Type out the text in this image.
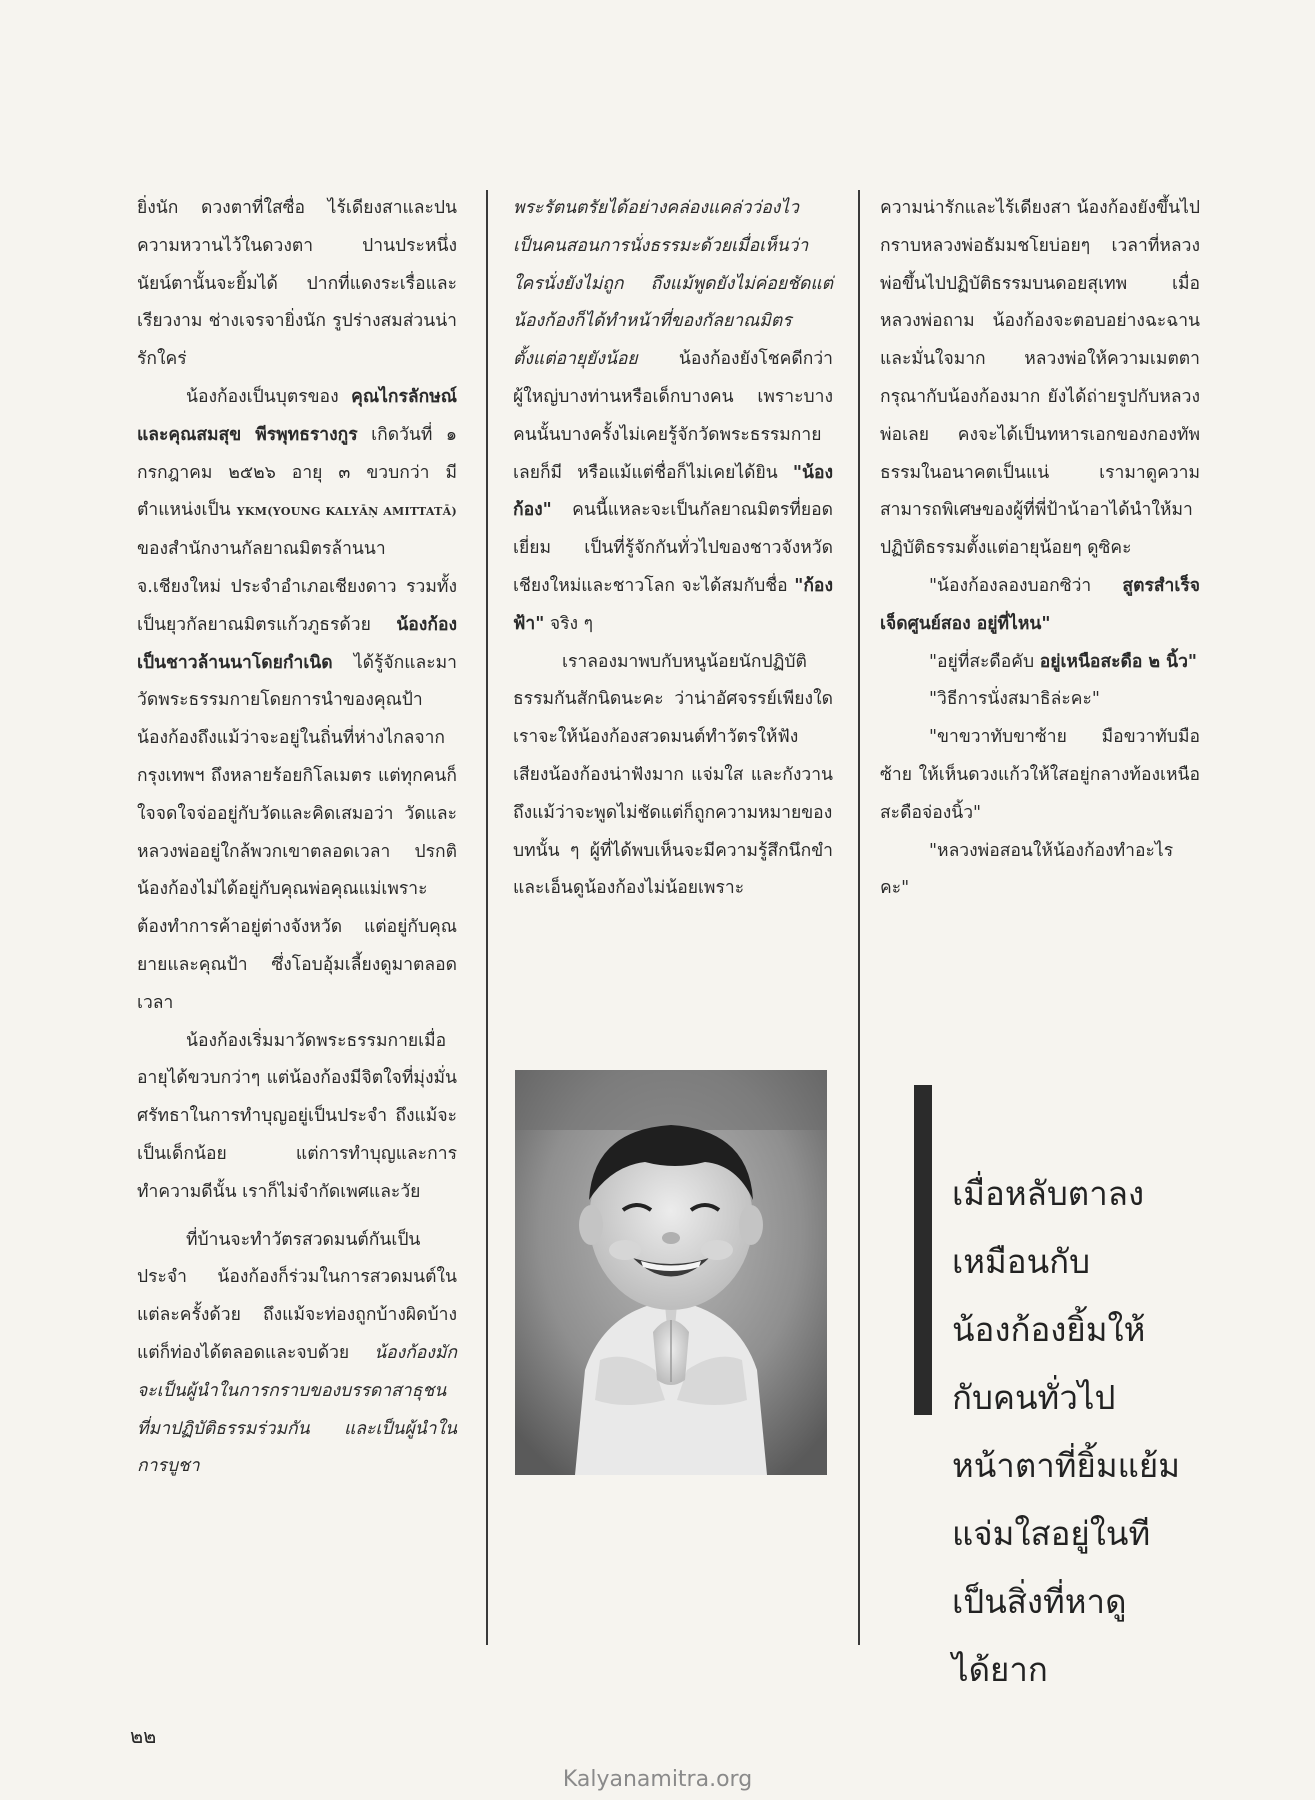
ยิ่งนัก ดวงตาที่ใสซื่อ ไร้เดียงสาและปนความหวานไว้ในดวงตา ปานประหนึ่งนัยน์ตานั้นจะยิ้มได้ ปากที่แดงระเรื่อและเรียวงาม ช่างเจรจายิ่งนัก รูปร่างสมส่วนน่ารักใคร่

น้องก้องเป็นบุตรของ คุณไกรลักษณ์และคุณสมสุข พีรพุทธรางกูร เกิดวันที่ ๑ กรกฎาคม ๒๕๒๖ อายุ ๓ ขวบกว่า มีตำแหน่งเป็น YKM(YOUNG KALYĀṆ AMITTATĀ) ของสำนักงานกัลยาณมิตรล้านนา จ.เชียงใหม่ ประจำอำเภอเชียงดาว รวมทั้งเป็นยุวกัลยาณมิตรแก้วภูธรด้วย น้องก้องเป็นชาวล้านนาโดยกำเนิด ได้รู้จักและมาวัดพระธรรมกายโดยการนำของคุณป้า น้องก้องถึงแม้ว่าจะอยู่ในถิ่นที่ห่างไกลจากกรุงเทพฯ ถึงหลายร้อยกิโลเมตร แต่ทุกคนก็ใจจดใจจ่ออยู่กับวัดและคิดเสมอว่า วัดและหลวงพ่ออยู่ใกล้พวกเขาตลอดเวลา ปรกติน้องก้องไม่ได้อยู่กับคุณพ่อคุณแม่เพราะต้องทำการค้าอยู่ต่างจังหวัด แต่อยู่กับคุณยายและคุณป้า ซึ่งโอบอุ้มเลี้ยงดูมาตลอดเวลา

น้องก้องเริ่มมาวัดพระธรรมกายเมื่ออายุได้ขวบกว่าๆ แต่น้องก้องมีจิตใจที่มุ่งมั่นศรัทธาในการทำบุญอยู่เป็นประจำ ถึงแม้จะเป็นเด็กน้อย แต่การทำบุญและการทำความดีนั้น เราก็ไม่จำกัดเพศและวัย

ที่บ้านจะทำวัตรสวดมนต์กันเป็นประจำ น้องก้องก็ร่วมในการสวดมนต์ในแต่ละครั้งด้วย ถึงแม้จะท่องถูกบ้างผิดบ้างแต่ก็ท่องได้ตลอดและจบด้วย น้องก้องมักจะเป็นผู้นำในการกราบของบรรดาสาธุชนที่มาปฏิบัติธรรมร่วมกัน และเป็นผู้นำในการบูชา

พระรัตนตรัยได้อย่างคล่องแคล่วว่องไว เป็นคนสอนการนั่งธรรมะด้วยเมื่อเห็นว่าใครนั่งยังไม่ถูก ถึงแม้พูดยังไม่ค่อยชัดแต่น้องก้องก็ได้ทำหน้าที่ของกัลยาณมิตรตั้งแต่อายุยังน้อย น้องก้องยังโชคดีกว่าผู้ใหญ่บางท่านหรือเด็กบางคน เพราะบางคนนั้นบางครั้งไม่เคยรู้จักวัดพระธรรมกายเลยก็มี หรือแม้แต่ชื่อก็ไม่เคยได้ยิน "น้องก้อง" คนนี้แหละจะเป็นกัลยาณมิตรที่ยอดเยี่ยม เป็นที่รู้จักกันทั่วไปของชาวจังหวัดเชียงใหม่และชาวโลก จะได้สมกับชื่อ "ก้องฟ้า" จริง ๆ

เราลองมาพบกับหนูน้อยนักปฏิบัติธรรมกันสักนิดนะคะ ว่าน่าอัศจรรย์เพียงใด เราจะให้น้องก้องสวดมนต์ทำวัตรให้ฟัง เสียงน้องก้องน่าฟังมาก แจ่มใส และกังวาน ถึงแม้ว่าจะพูดไม่ชัดแต่ก็ถูกความหมายของบทนั้น ๆ ผู้ที่ได้พบเห็นจะมีความรู้สึกนึกขำและเอ็นดูน้องก้องไม่น้อยเพราะ

ความน่ารักและไร้เดียงสา น้องก้องยังขึ้นไปกราบหลวงพ่อธัมมชโยบ่อยๆ เวลาที่หลวงพ่อขึ้นไปปฏิบัติธรรมบนดอยสุเทพ เมื่อหลวงพ่อถาม น้องก้องจะตอบอย่างฉะฉานและมั่นใจมาก หลวงพ่อให้ความเมตตากรุณากับน้องก้องมาก ยังได้ถ่ายรูปกับหลวงพ่อเลย คงจะได้เป็นทหารเอกของกองทัพธรรมในอนาคตเป็นแน่ เรามาดูความสามารถพิเศษของผู้ที่พี่ป้าน้าอาได้นำให้มาปฏิบัติธรรมตั้งแต่อายุน้อยๆ ดูซิคะ

"น้องก้องลองบอกซิว่า สูตรสำเร็จเจ็ดศูนย์สอง อยู่ที่ไหน"

"อยู่ที่สะดือคับ อยู่เหนือสะดือ ๒ นิ้ว"

"วิธีการนั่งสมาธิล่ะคะ"

"ขาขวาทับขาซ้าย มือขวาทับมือซ้าย ให้เห็นดวงแก้วให้ใสอยู่กลางท้องเหนือสะดือจ่องนิ้ว"

"หลวงพ่อสอนให้น้องก้องทำอะไรคะ"

เมื่อหลับตาลง
เหมือนกับ
น้องก้องยิ้มให้
กับคนทั่วไป
หน้าตาที่ยิ้มแย้ม
แจ่มใสอยู่ในที
เป็นสิ่งที่หาดู
ได้ยาก
๒๒
Kalyanamitra.org
